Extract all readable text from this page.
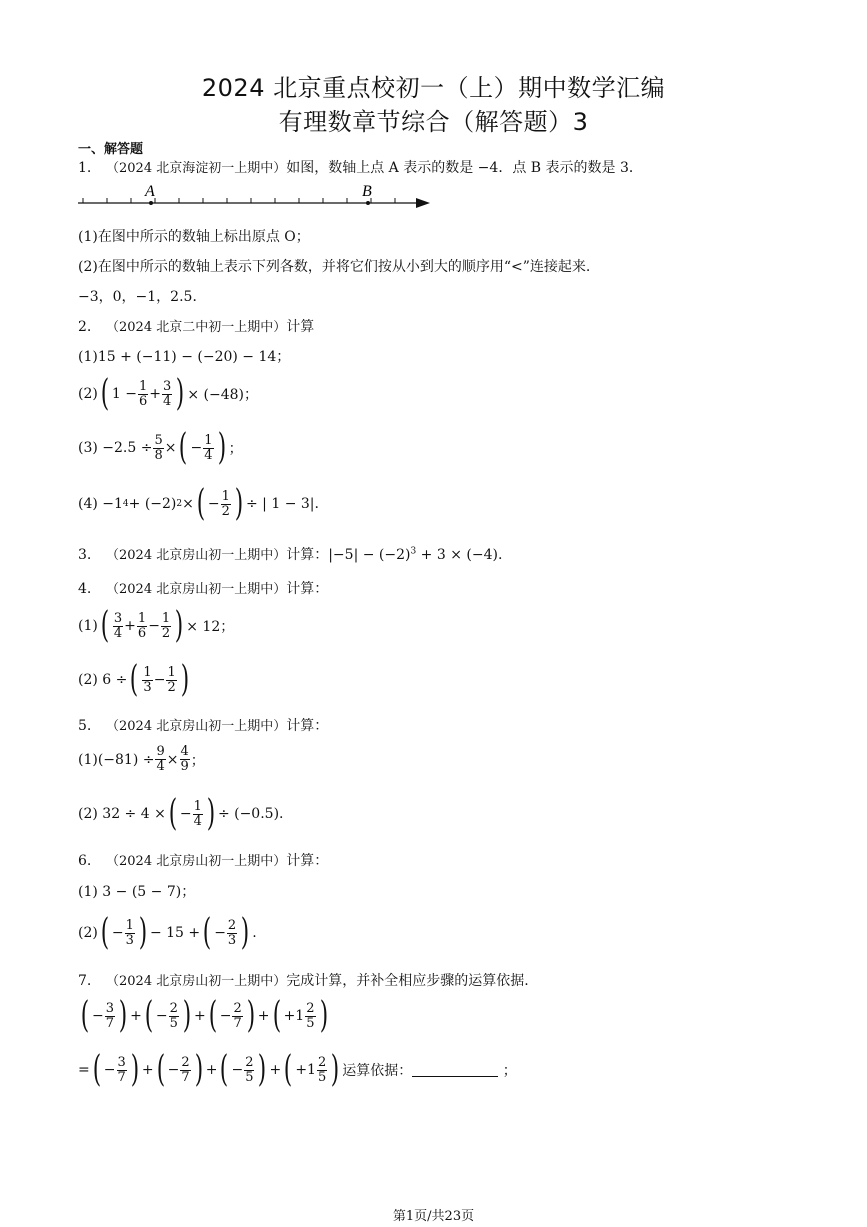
2024 北京重点校初一（上）期中数学汇编
有理数章节综合（解答题）3
一、解答题
1. （2024 北京海淀初一上期中）如图，数轴上点 A 表示的数是 −4．点 B 表示的数是 3．
A	B
(1)在图中所示的数轴上标出原点 O；
(2)在图中所示的数轴上表示下列各数，并将它们按从小到大的顺序用“<”连接起来.
−3，0，−1，2.5．
2. （2024 北京二中初一上期中）计算
(1)15 + (−11) − (−20) − 14；
(2) ( $1 - \frac{1}{6} + \frac{3}{4}$ ) × (−48)；
$(3) -2.5 \div \frac{5}{8}$ × ( − $\frac{1}{4}$ ) ；
(4) −1 4 + (−2) 2 × ( − $\frac{1}{2}$ ) ÷ | 1 − 3|.
3. （2024 北京房山初一上期中）计算：$|-5| - (-2)^3 + 3 \times (-4)$.
4. （2024 北京房山初一上期中）计算：
(1) ( $\frac{3}{4} + \frac{1}{6} - \frac{1}{2}$ ) × 12；
(2) 6 ÷ ( $\frac{1}{3} - \frac{1}{2}$ )
5. （2024 北京房山初一上期中）计算：
$(1)(-81) \div \frac{9}{4} \times \frac{4}{9}$ ；
(2) 32 ÷ 4 × ( − $\frac{1}{4}$ ) ÷ (−0.5).
6. （2024 北京房山初一上期中）计算：
(1) 3 − (5 − 7)；
(2) ( − $\frac{1}{3}$ ) − 15 + ( − $\frac{2}{3}$ ) .
7. （2024 北京房山初一上期中）完成计算，并补全相应步骤的运算依据.
( − $\frac{3}{7}$ ) + ( − $\frac{2}{5}$ ) + ( − $\frac{2}{7}$ ) + ( $+1 \frac{2}{5}$ )
= ( − $\frac{3}{7}$ ) + ( − $\frac{2}{7}$ ) + ( − $\frac{2}{5}$ ) + ( $+1 \frac{2}{5}$ ) 运算依据：
	；
第1页/共23页
